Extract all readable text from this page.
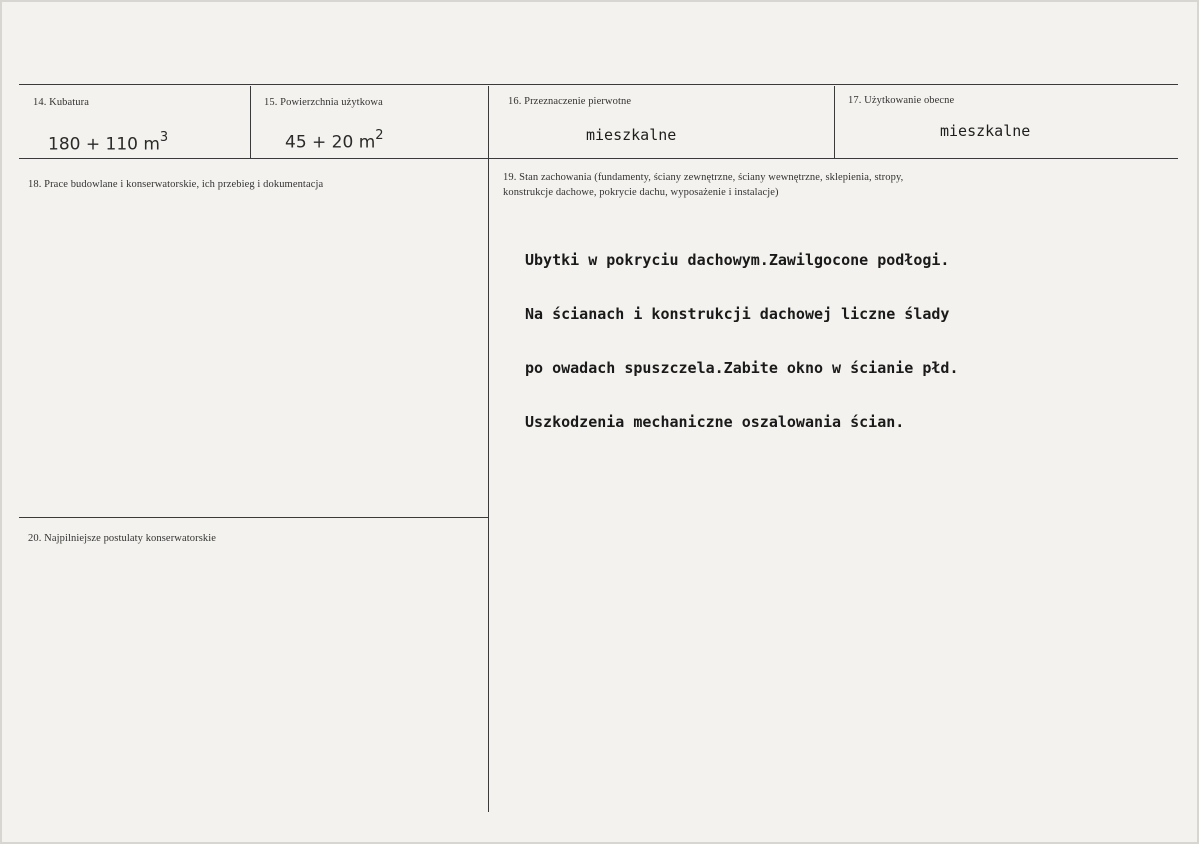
14. Kubatura
180 + 110 $m^3$
15. Powierzchnia użytkowa
45 + 20 $m^2$
16. Przeznaczenie pierwotne
mieszkalne
17. Użytkowanie obecne
mieszkalne
18. Prace budowlane i konserwatorskie, ich przebieg i dokumentacja
19. Stan zachowania (fundamenty, ściany zewnętrzne, ściany wewnętrzne, sklepienia, stropy,
konstrukcje dachowe, pokrycie dachu, wyposażenie i instalacje)

Ubytki w pokryciu dachowym.Zawilgocone podłogi.

Na ścianach i konstrukcji dachowej liczne ślady

po owadach spuszczela.Zabite okno w ścianie płd.

Uszkodzenia mechaniczne oszalowania ścian.

20. Najpilniejsze postulaty konserwatorskie
